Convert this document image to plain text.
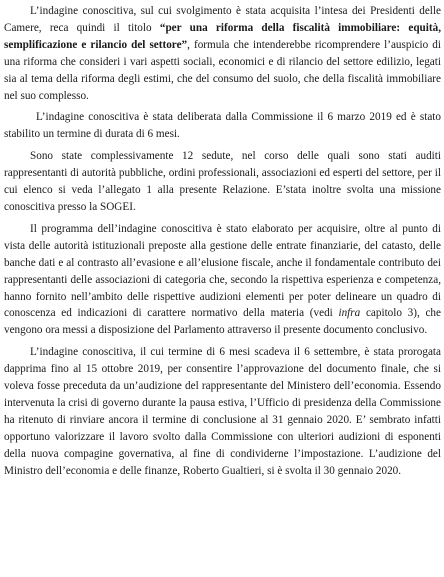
L’indagine conoscitiva, sul cui svolgimento è stata acquisita l’intesa dei Presidenti delle Camere, reca quindi il titolo “per una riforma della fiscalità immobiliare: equità, semplificazione e rilancio del settore”, formula che intenderebbe ricomprendere l’auspicio di una riforma che consideri i vari aspetti sociali, economici e di rilancio del settore edilizio, legati sia al tema della riforma degli estimi, che del consumo del suolo, che della fiscalità immobiliare nel suo complesso.

L’indagine conoscitiva è stata deliberata dalla Commissione il 6 marzo 2019 ed è stato stabilito un termine di durata di 6 mesi.

Sono state complessivamente 12 sedute, nel corso delle quali sono stati auditi rappresentanti di autorità pubbliche, ordini professionali, associazioni ed esperti del settore, per il cui elenco si veda l’allegato 1 alla presente Relazione. E’stata inoltre svolta una missione conoscitiva presso la SOGEI.

Il programma dell’indagine conoscitiva è stato elaborato per acquisire, oltre al punto di vista delle autorità istituzionali preposte alla gestione delle entrate finanziarie, del catasto, delle banche dati e al contrasto all’evasione e all’elusione fiscale, anche il fondamentale contributo dei rappresentanti delle associazioni di categoria che, secondo la rispettiva esperienza e competenza, hanno fornito nell’ambito delle rispettive audizioni elementi per poter delineare un quadro di conoscenza ed indicazioni di carattere normativo della materia (vedi infra capitolo 3), che vengono ora messi a disposizione del Parlamento attraverso il presente documento conclusivo.

L’indagine conoscitiva, il cui termine di 6 mesi scadeva il 6 settembre, è stata prorogata dapprima fino al 15 ottobre 2019, per consentire l’approvazione del documento finale, che si voleva fosse preceduta da un’audizione del rappresentante del Ministero dell’economia. Essendo intervenuta la crisi di governo durante la pausa estiva, l’Ufficio di presidenza della Commissione ha ritenuto di rinviare ancora il termine di conclusione al 31 gennaio 2020. E’ sembrato infatti opportuno valorizzare il lavoro svolto dalla Commissione con ulteriori audizioni di esponenti della nuova compagine governativa, al fine di condividerne l’impostazione. L’audizione del Ministro dell’economia e delle finanze, Roberto Gualtieri, si è svolta il 30 gennaio 2020.
